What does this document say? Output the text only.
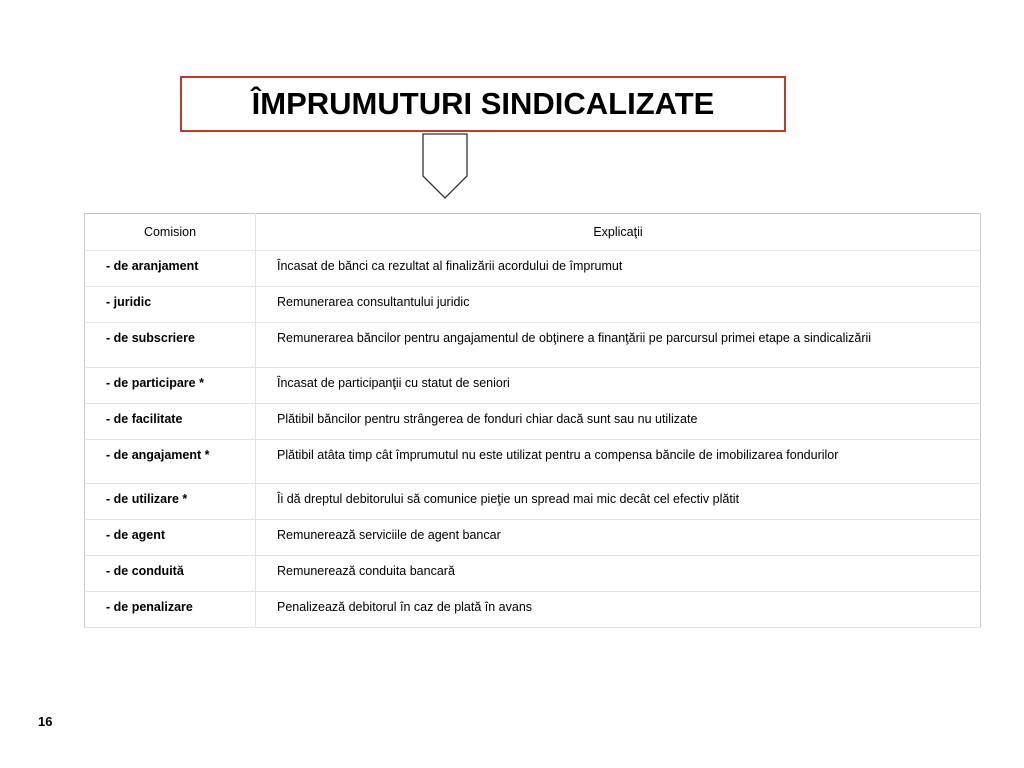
ÎMPRUMUTURI SINDICALIZATE
Comision	Explicaţii
- de aranjament	Încasat de bănci ca rezultat al finalizării acordului de împrumut
- juridic	Remunerarea consultantului juridic
- de subscriere	Remunerarea băncilor pentru angajamentul de obţinere a finanţării pe parcursul primei etape a sindicalizării
- de participare *	Încasat de participanţii cu statut de seniori
- de facilitate	Plătibil băncilor pentru strângerea de fonduri chiar dacă sunt sau nu utilizate
- de angajament *	Plătibil atâta timp cât împrumutul nu este utilizat pentru a compensa băncile de imobilizarea fondurilor
- de utilizare *	Îi dă dreptul debitorului să comunice pieţie un spread mai mic decât cel efectiv plătit
- de agent	Remunerează serviciile de agent bancar
- de conduită	Remunerează conduita bancară
- de penalizare	Penalizează debitorul în caz de plată în avans
16
